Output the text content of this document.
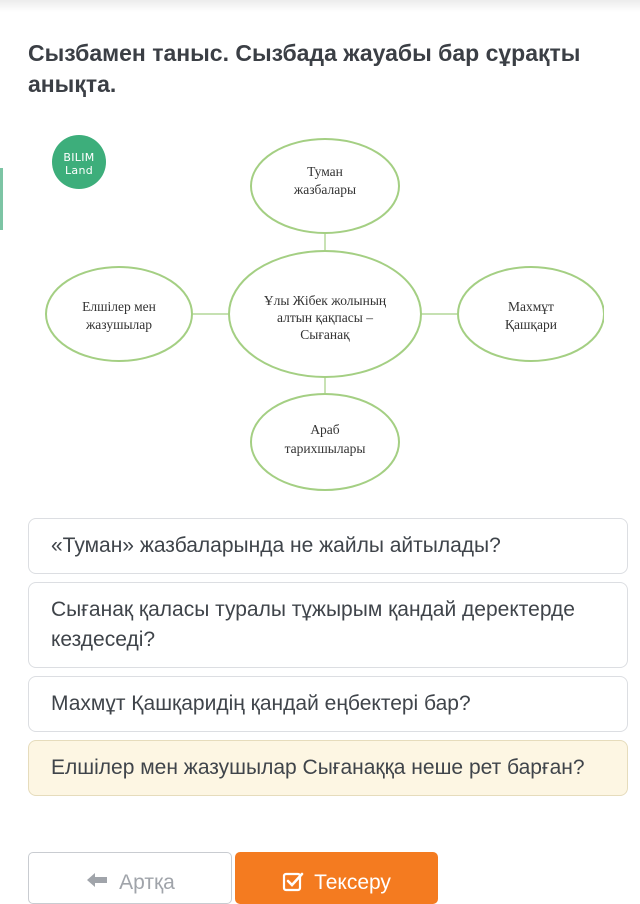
Сызбамен таныс. Сызбада жауабы бар сұрақты анықта.
BILIM
Land	Туман
жазбалары
Ұлы Жібек жолының
алтын қақпасы –
Сығанақ
Елшілер мен
жазушылар
Махмұт
Қашқари
Араб
тарихшылары
«Туман» жазбаларында не жайлы айтылады?
Сығанақ қаласы туралы тұжырым қандай деректерде кездеседі?
Махмұт Қашқаридің қандай еңбектері бар?
Елшілер мен жазушылар Сығанаққа неше рет барған?
Артқа	Тексеру
